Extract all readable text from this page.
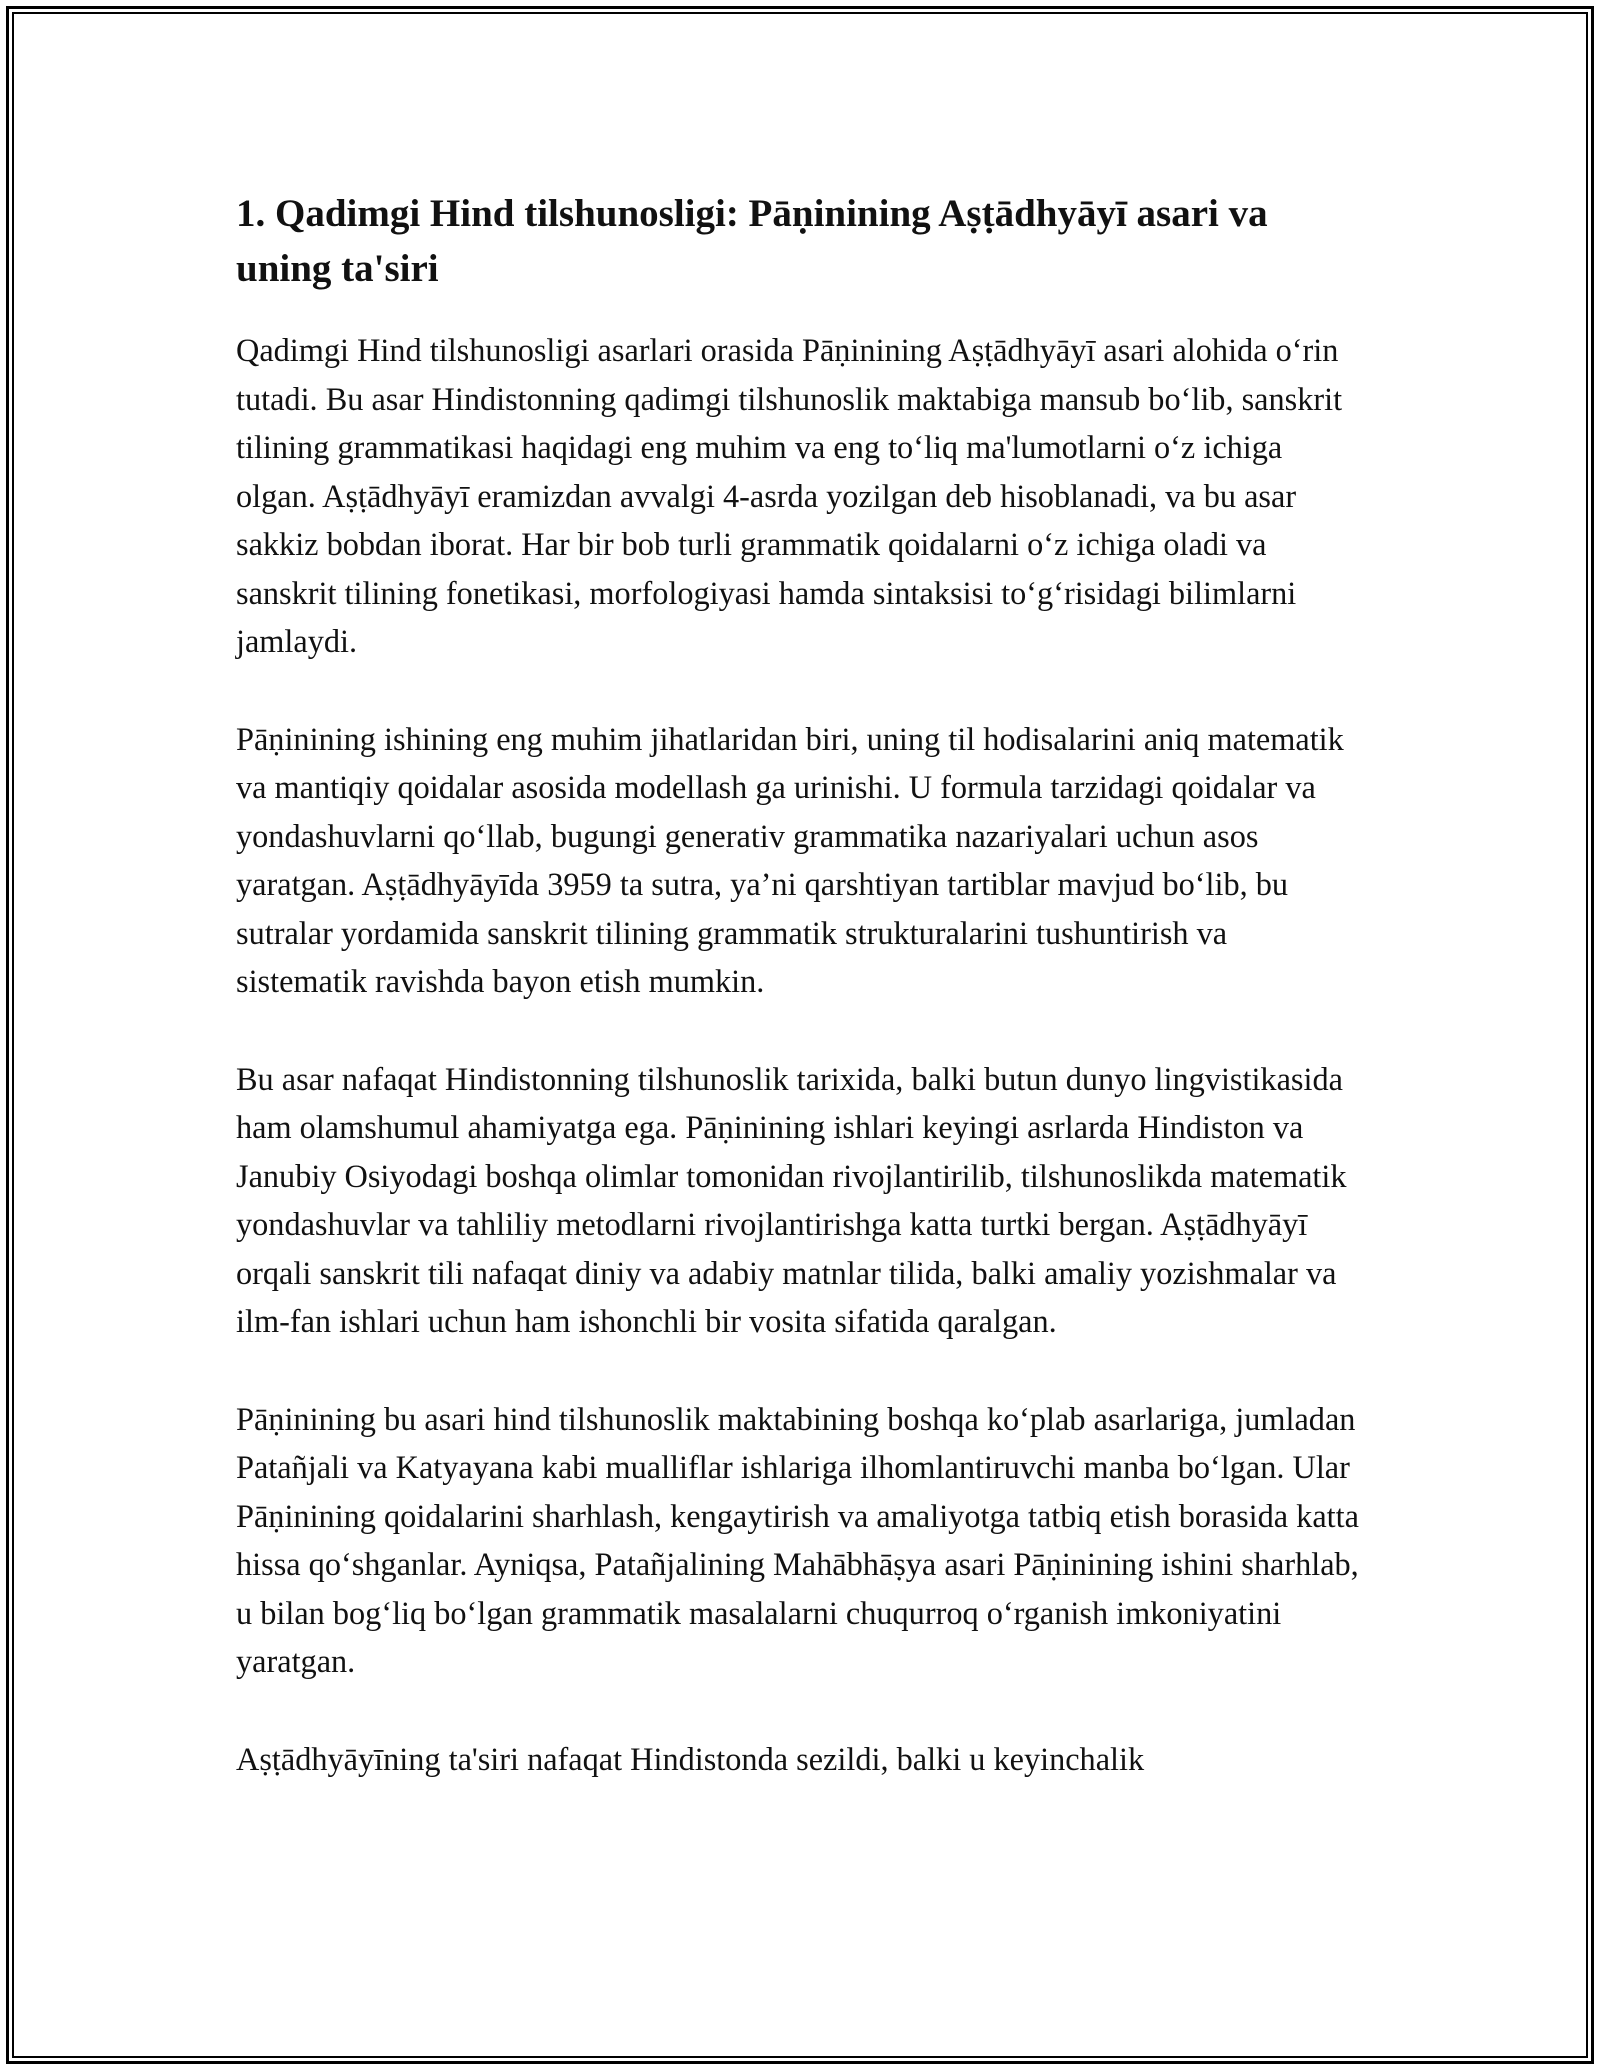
1. Qadimgi Hind tilshunosligi: Pāṇinining Aṣṭādhyāyī asari va uning ta'siri

Qadimgi Hind tilshunosligi asarlari orasida Pāṇinining Aṣṭādhyāyī asari alohida oʻrin tutadi. Bu asar Hindistonning qadimgi tilshunoslik maktabiga mansub boʻlib, sanskrit tilining grammatikasi haqidagi eng muhim va eng toʻliq ma'lumotlarni oʻz ichiga olgan. Aṣṭādhyāyī eramizdan avvalgi 4-asrda yozilgan deb hisoblanadi, va bu asar sakkiz bobdan iborat. Har bir bob turli grammatik qoidalarni oʻz ichiga oladi va sanskrit tilining fonetikasi, morfologiyasi hamda sintaksisi toʻgʻrisidagi bilimlarni jamlaydi.

Pāṇinining ishining eng muhim jihatlaridan biri, uning til hodisalarini aniq matematik va mantiqiy qoidalar asosida modellash ga urinishi. U formula tarzidagi qoidalar va yondashuvlarni qoʻllab, bugungi generativ grammatika nazariyalari uchun asos yaratgan. Aṣṭādhyāyīda 3959 ta sutra, ya’ni qarshtiyan tartiblar mavjud boʻlib, bu sutralar yordamida sanskrit tilining grammatik strukturalarini tushuntirish va sistematik ravishda bayon etish mumkin.

Bu asar nafaqat Hindistonning tilshunoslik tarixida, balki butun dunyo lingvistikasida ham olamshumul ahamiyatga ega. Pāṇinining ishlari keyingi asrlarda Hindiston va Janubiy Osiyodagi boshqa olimlar tomonidan rivojlantirilib, tilshunoslikda matematik yondashuvlar va tahliliy metodlarni rivojlantirishga katta turtki bergan. Aṣṭādhyāyī orqali sanskrit tili nafaqat diniy va adabiy matnlar tilida, balki amaliy yozishmalar va ilm-fan ishlari uchun ham ishonchli bir vosita sifatida qaralgan.

Pāṇinining bu asari hind tilshunoslik maktabining boshqa koʻplab asarlariga, jumladan Patañjali va Katyayana kabi mualliflar ishlariga ilhomlantiruvchi manba boʻlgan. Ular Pāṇinining qoidalarini sharhlash, kengaytirish va amaliyotga tatbiq etish borasida katta hissa qoʻshganlar. Ayniqsa, Patañjalining Mahābhāṣya asari Pāṇinining ishini sharhlab, u bilan bogʻliq boʻlgan grammatik masalalarni chuqurroq oʻrganish imkoniyatini yaratgan.

Aṣṭādhyāyīning ta'siri nafaqat Hindistonda sezildi, balki u keyinchalik
